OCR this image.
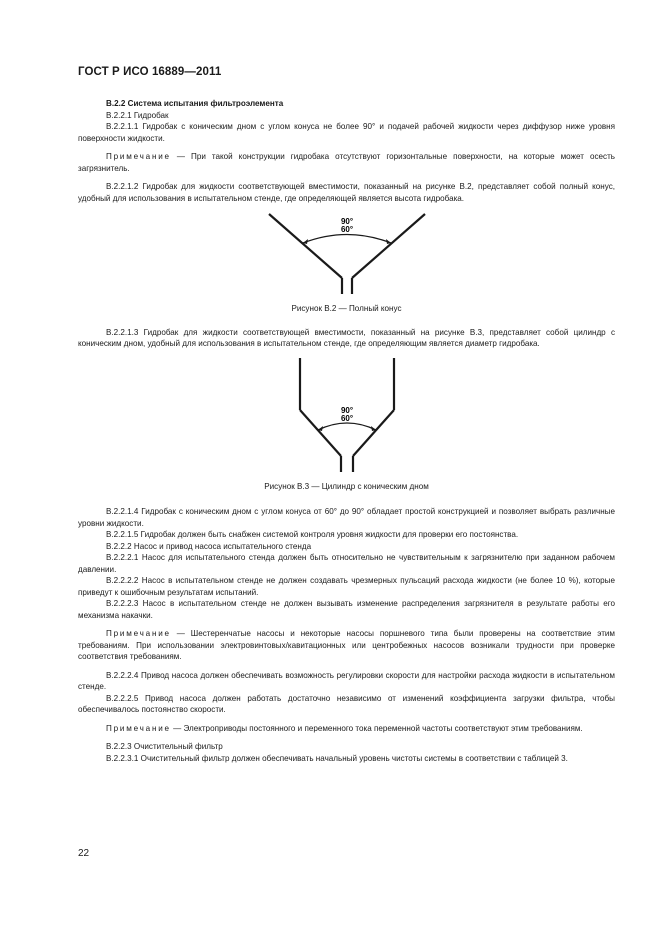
ГОСТ Р ИСО 16889—2011

В.2.2 Система испытания фильтроэлемента

В.2.2.1 Гидробак

В.2.2.1.1 Гидробак с коническим дном с углом конуса не более 90° и подачей рабочей жидкости через диффузор ниже уровня поверхности жидкости.

Примечание — При такой конструкции гидробака отсутствуют горизонтальные поверхности, на которые может осесть загрязнитель.

В.2.2.1.2 Гидробак для жидкости соответствующей вместимости, показанный на рисунке В.2, представляет собой полный конус, удобный для использования в испытательном стенде, где определяющей является высота гидробака.

90°
60°

Рисунок В.2 — Полный конус

В.2.2.1.3 Гидробак для жидкости соответствующей вместимости, показанный на рисунке В.3, представляет собой цилиндр с коническим дном, удобный для использования в испытательном стенде, где определяющим является диаметр гидробака.

90°
60°

Рисунок В.3 — Цилиндр с коническим дном

В.2.2.1.4 Гидробак с коническим дном с углом конуса от 60° до 90° обладает простой конструкцией и позволяет выбрать различные уровни жидкости.

В.2.2.1.5 Гидробак должен быть снабжен системой контроля уровня жидкости для проверки его постоянства.

В.2.2.2 Насос и привод насоса испытательного стенда

В.2.2.2.1 Насос для испытательного стенда должен быть относительно не чувствительным к загрязнителю при заданном рабочем давлении.

В.2.2.2.2 Насос в испытательном стенде не должен создавать чрезмерных пульсаций расхода жидкости (не более 10 %), которые приведут к ошибочным результатам испытаний.

В.2.2.2.3 Насос в испытательном стенде не должен вызывать изменение распределения загрязнителя в результате работы его механизма накачки.

Примечание — Шестеренчатые насосы и некоторые насосы поршневого типа были проверены на соответствие этим требованиям. При использовании электровинтовых/кавитационных или центробежных насосов возникали трудности при проверке соответствия требованиям.

В.2.2.2.4 Привод насоса должен обеспечивать возможность регулировки скорости для настройки расхода жидкости в испытательном стенде.

В.2.2.2.5 Привод насоса должен работать достаточно независимо от изменений коэффициента загрузки фильтра, чтобы обеспечивалось постоянство скорости.

Примечание — Электроприводы постоянного и переменного тока переменной частоты соответствуют этим требованиям.

В.2.2.3 Очистительный фильтр

В.2.2.3.1 Очистительный фильтр должен обеспечивать начальный уровень чистоты системы в соответствии с таблицей 3.

22
